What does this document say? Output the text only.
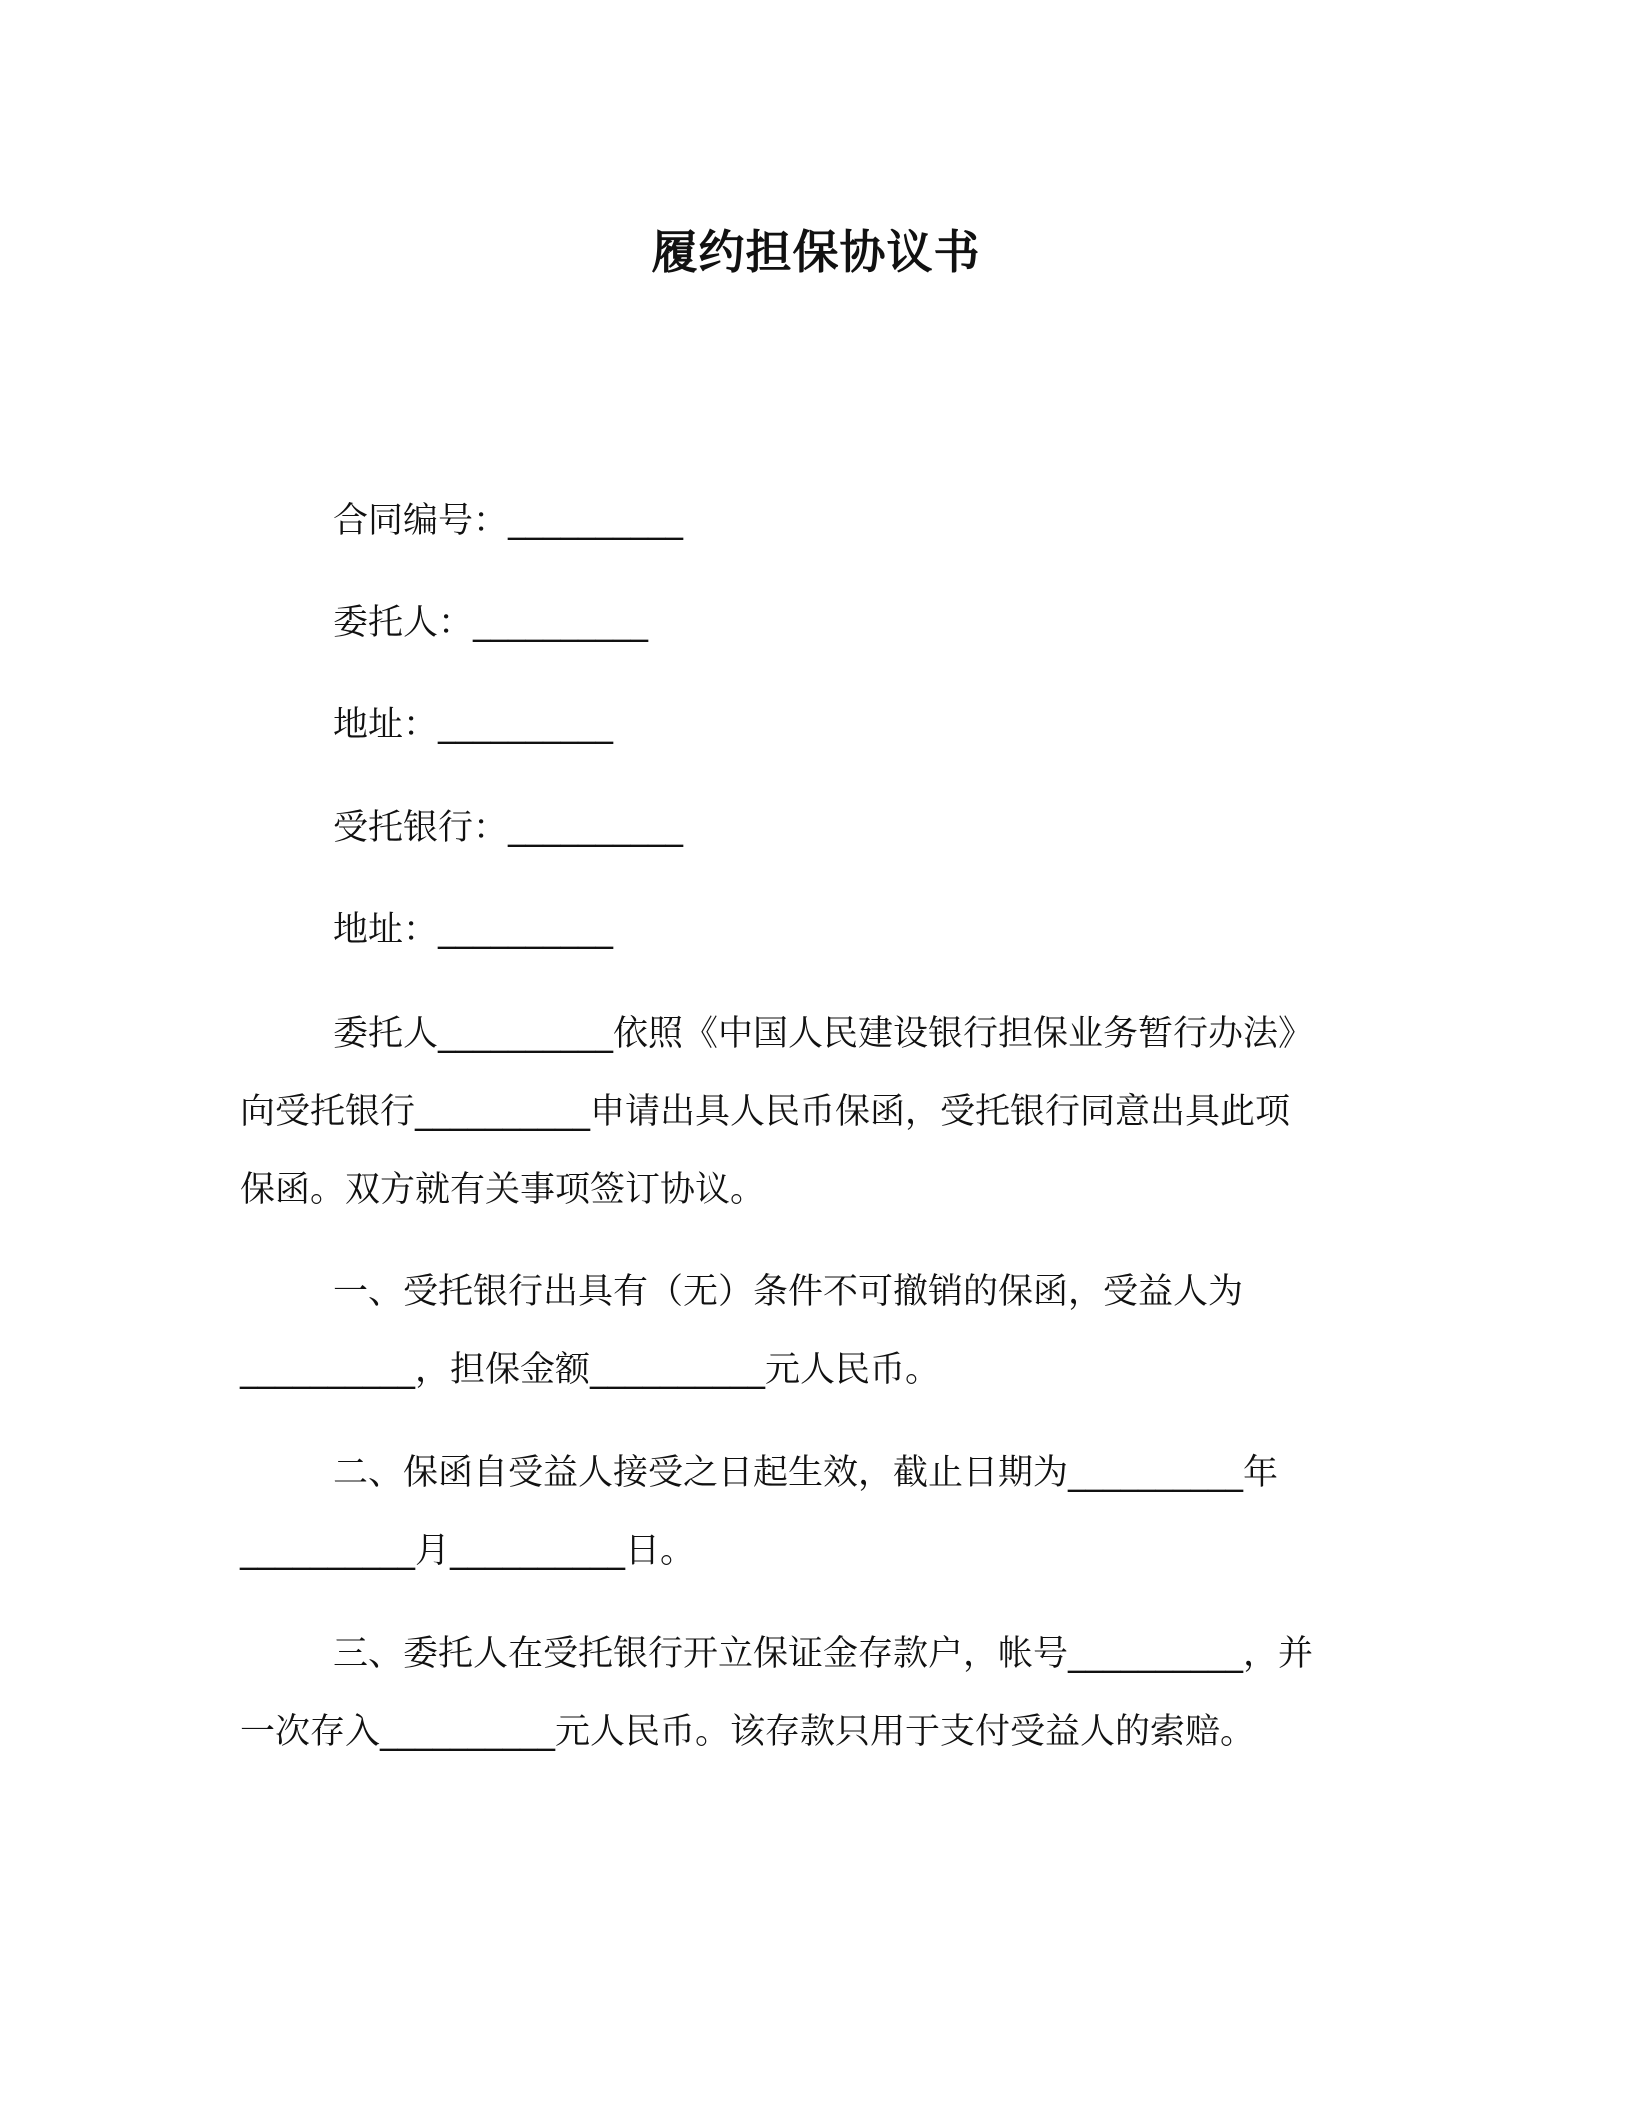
履约担保协议书
合同编号：__________
委托人：__________
地址：__________
受托银行：__________
地址：__________
委托人__________依照《中国人民建设银行担保业务暂行办法》
向受托银行__________申请出具人民币保函，受托银行同意出具此项
保函。双方就有关事项签订协议。
一、受托银行出具有（无）条件不可撤销的保函，受益人为
__________，担保金额__________元人民币。
二、保函自受益人接受之日起生效，截止日期为__________年
__________月__________日。
三、委托人在受托银行开立保证金存款户，帐号__________，并
一次存入__________元人民币。该存款只用于支付受益人的索赔。
